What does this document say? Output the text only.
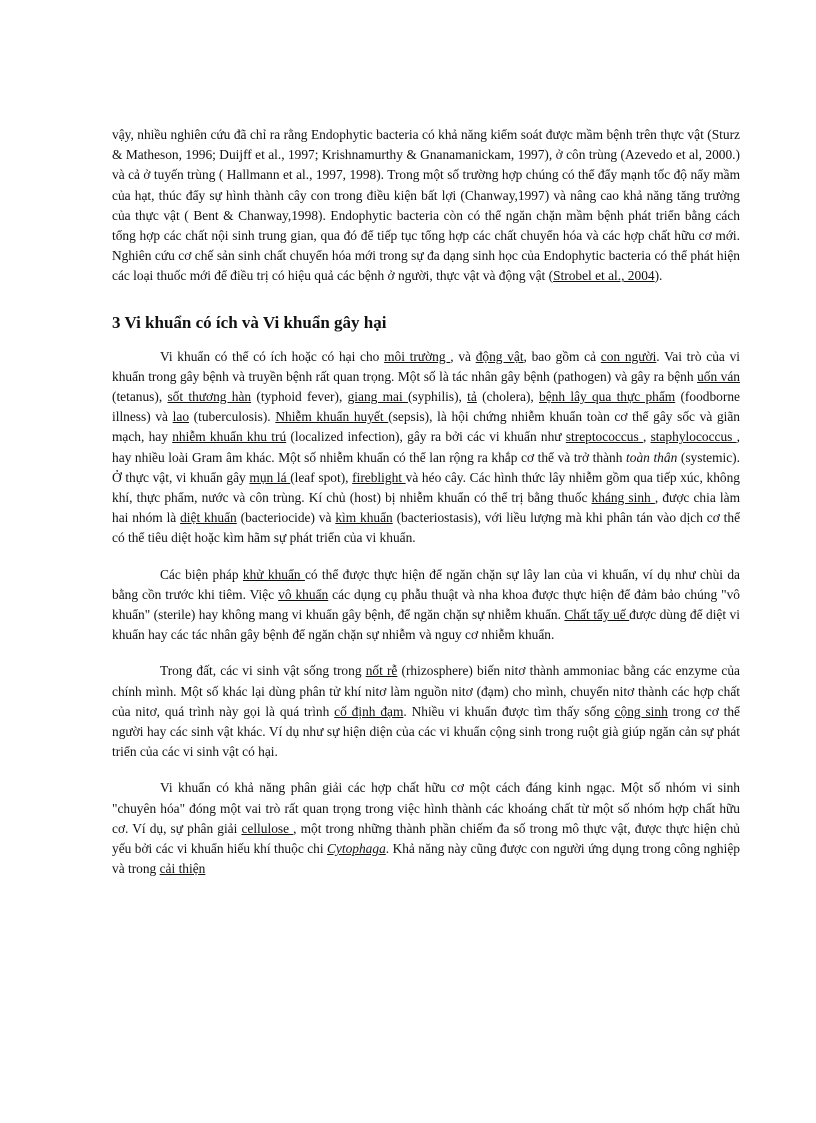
vậy, nhiều nghiên cứu đã chỉ ra rằng Endophytic bacteria có khả năng kiểm soát được mầm bệnh trên thực vật (Sturz & Matheson, 1996; Duijff et al., 1997; Krishnamurthy & Gnanamanickam, 1997), ở côn trùng (Azevedo et al, 2000.) và cả ở tuyến trùng ( Hallmann et al., 1997, 1998). Trong một số trường hợp chúng có thể đẩy mạnh tốc độ nẩy mầm của hạt, thúc đẩy sự hình thành cây con trong điều kiện bất lợi (Chanway,1997) và nâng cao khả năng tăng trưởng của thực vật ( Bent & Chanway,1998). Endophytic bacteria còn có thể ngăn chặn mầm bệnh phát triển bằng cách tổng hợp các chất nội sinh trung gian, qua đó để tiếp tục tổng hợp các chất chuyển hóa và các hợp chất hữu cơ mới. Nghiên cứu cơ chế sản sinh chất chuyển hóa mới trong sự đa dạng sinh học của Endophytic bacteria có thể phát hiện các loại thuốc mới để điều trị có hiệu quả các bệnh ở người, thực vật và động vật (Strobel et al., 2004).

3 Vi khuẩn có ích và Vi khuẩn gây hại

Vi khuẩn có thể có ích hoặc có hại cho môi trường , và động vật, bao gồm cả con người. Vai trò của vi khuẩn trong gây bệnh và truyền bệnh rất quan trọng. Một số là tác nhân gây bệnh (pathogen) và gây ra bệnh uốn ván (tetanus), sốt thương hàn (typhoid fever), giang mai (syphilis), tả (cholera), bệnh lây qua thực phẩm (foodborne illness) và lao (tuberculosis). Nhiễm khuẩn huyết (sepsis), là hội chứng nhiễm khuẩn toàn cơ thể gây sốc và giãn mạch, hay nhiễm khuẩn khu trú (localized infection), gây ra bởi các vi khuẩn như streptococcus , staphylococcus , hay nhiều loài Gram âm khác. Một số nhiễm khuẩn có thể lan rộng ra khắp cơ thể và trở thành toàn thân (systemic). Ở thực vật, vi khuẩn gây mụn lá (leaf spot), fireblight và héo cây. Các hình thức lây nhiễm gồm qua tiếp xúc, không khí, thực phẩm, nước và côn trùng. Kí chủ (host) bị nhiễm khuẩn có thể trị bằng thuốc kháng sinh , được chia làm hai nhóm là diệt khuẩn (bacteriocide) và kìm khuẩn (bacteriostasis), với liều lượng mà khi phân tán vào dịch cơ thể có thể tiêu diệt hoặc kìm hãm sự phát triển của vi khuẩn.

Các biện pháp khử khuẩn có thể được thực hiện để ngăn chặn sự lây lan của vi khuẩn, ví dụ như chùi da bằng cồn trước khi tiêm. Việc vô khuẩn các dụng cụ phẫu thuật và nha khoa được thực hiện để đảm bảo chúng "vô khuẩn" (sterile) hay không mang vi khuẩn gây bệnh, để ngăn chặn sự nhiễm khuẩn. Chất tẩy uế được dùng để diệt vi khuẩn hay các tác nhân gây bệnh để ngăn chặn sự nhiễm và nguy cơ nhiễm khuẩn.

Trong đất, các vi sinh vật sống trong nốt rễ (rhizosphere) biến nitơ thành ammoniac bằng các enzyme của chính mình. Một số khác lại dùng phân tử khí nitơ làm nguồn nitơ (đạm) cho mình, chuyển nitơ thành các hợp chất của nitơ, quá trình này gọi là quá trình cố định đạm. Nhiều vi khuẩn được tìm thấy sống cộng sinh trong cơ thể người hay các sinh vật khác. Ví dụ như sự hiện diện của các vi khuẩn cộng sinh trong ruột già giúp ngăn cản sự phát triển của các vi sinh vật có hại.

Vi khuẩn có khả năng phân giải các hợp chất hữu cơ một cách đáng kinh ngạc. Một số nhóm vi sinh "chuyên hóa" đóng một vai trò rất quan trọng trong việc hình thành các khoáng chất từ một số nhóm hợp chất hữu cơ. Ví dụ, sự phân giải cellulose , một trong những thành phần chiếm đa số trong mô thực vật, được thực hiện chủ yếu bởi các vi khuẩn hiếu khí thuộc chi Cytophaga. Khả năng này cũng được con người ứng dụng trong công nghiệp và trong cải thiện
